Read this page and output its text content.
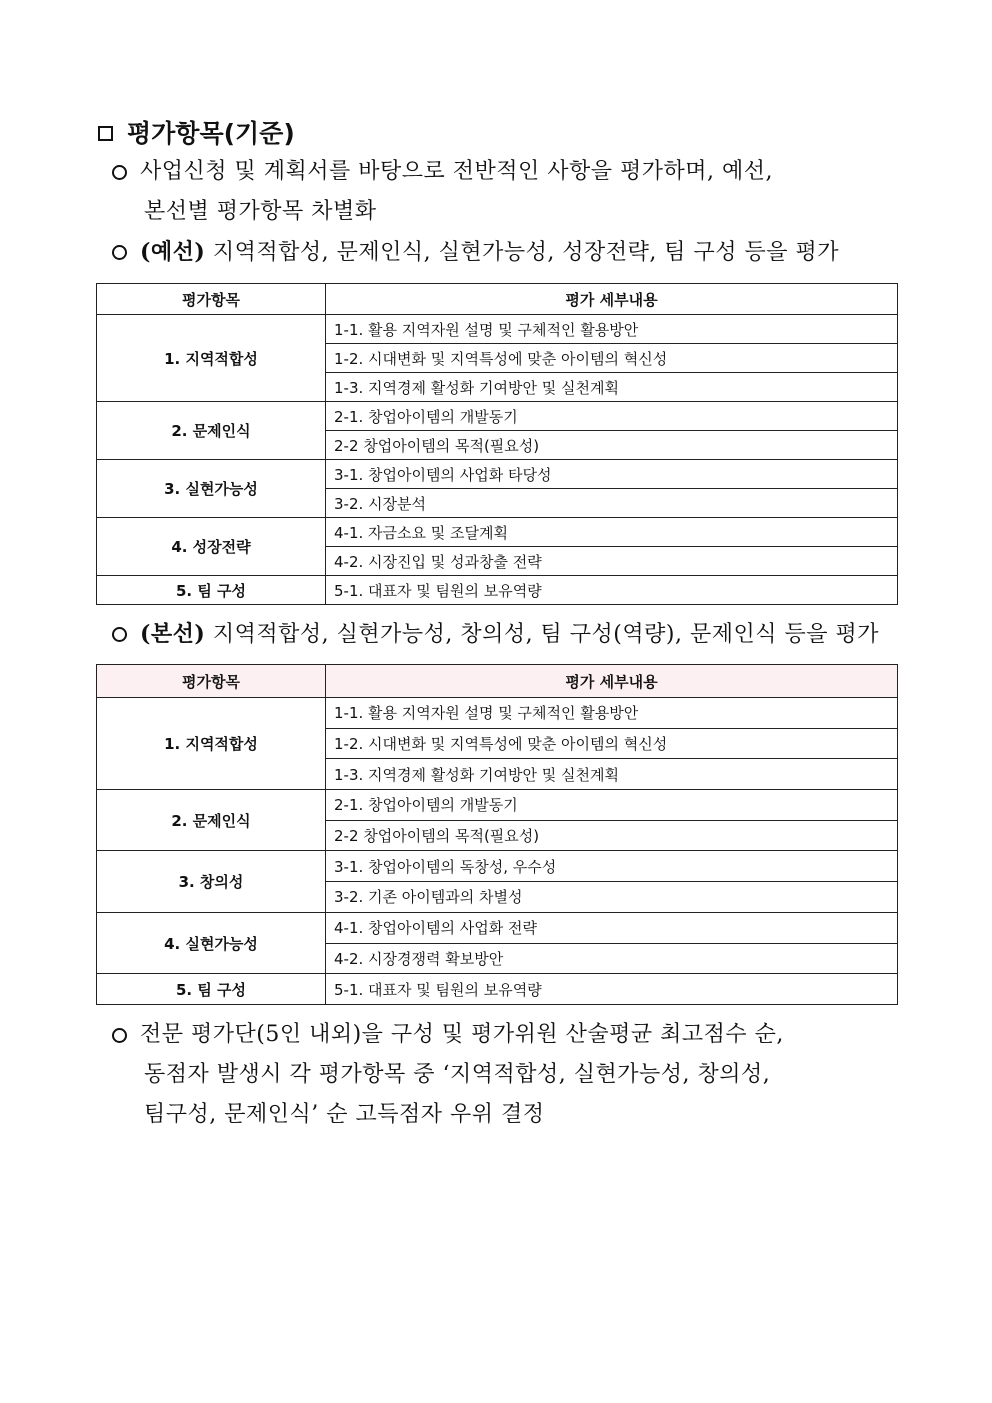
평가항목(기준)
사업신청 및 계획서를 바탕으로 전반적인 사항을 평가하며, 예선,
본선별 평가항목 차별화
(예선) 지역적합성, 문제인식, 실현가능성, 성장전략, 팀 구성 등을 평가
평가항목	평가 세부내용
1. 지역적합성	1-1. 활용 지역자원 설명 및 구체적인 활용방안
	1-2. 시대변화 및 지역특성에 맞춘 아이템의 혁신성
	1-3. 지역경제 활성화 기여방안 및 실천계획
2. 문제인식	2-1. 창업아이템의 개발동기
	2-2 창업아이템의 목적(필요성)
3. 실현가능성	3-1. 창업아이템의 사업화 타당성
	3-2. 시장분석
4. 성장전략	4-1. 자금소요 및 조달계획
	4-2. 시장진입 및 성과창출 전략
5. 팀 구성	5-1. 대표자 및 팀원의 보유역량
(본선) 지역적합성, 실현가능성, 창의성, 팀 구성(역량), 문제인식 등을 평가
평가항목	평가 세부내용
1. 지역적합성	1-1. 활용 지역자원 설명 및 구체적인 활용방안
	1-2. 시대변화 및 지역특성에 맞춘 아이템의 혁신성
	1-3. 지역경제 활성화 기여방안 및 실천계획
2. 문제인식	2-1. 창업아이템의 개발동기
	2-2 창업아이템의 목적(필요성)
3. 창의성	3-1. 창업아이템의 독창성, 우수성
	3-2. 기존 아이템과의 차별성
4. 실현가능성	4-1. 창업아이템의 사업화 전략
	4-2. 시장경쟁력 확보방안
5. 팀 구성	5-1. 대표자 및 팀원의 보유역량
전문 평가단(5인 내외)을 구성 및 평가위원 산술평균 최고점수 순,
동점자 발생시 각 평가항목 중 ‘지역적합성, 실현가능성, 창의성,
팀구성, 문제인식’ 순 고득점자 우위 결정
